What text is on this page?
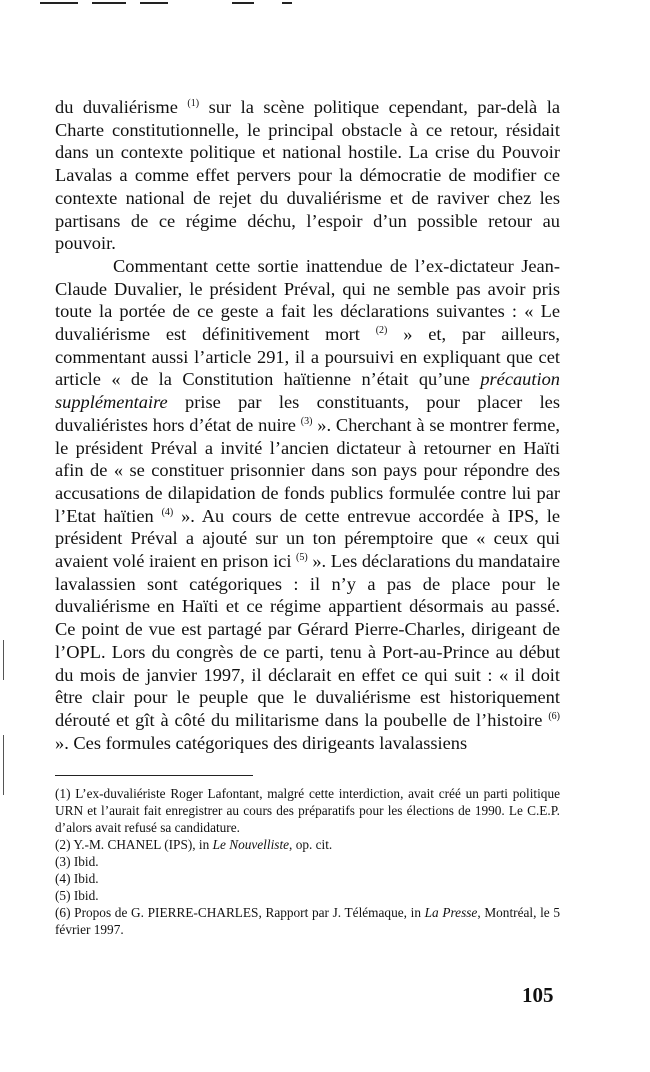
du duvaliérisme $^{(1)}$ sur la scène politique cependant, par-delà la Charte constitutionnelle, le principal obstacle à ce retour, résidait dans un contexte politique et national hostile. La crise du Pouvoir Lavalas a comme effet pervers pour la démocratie de modifier ce contexte national de rejet du duvaliérisme et de raviver chez les partisans de ce régime déchu, l’espoir d’un possible retour au pouvoir.

Commentant cette sortie inattendue de l’ex-dictateur Jean-Claude Duvalier, le président Préval, qui ne semble pas avoir pris toute la portée de ce geste a fait les déclarations suivantes : « Le duvaliérisme est définitivement mort $^{(2)}$ » et, par ailleurs, commentant aussi l’article 291, il a poursuivi en expliquant que cet article « de la Constitution haïtienne n’était qu’une précaution supplémentaire prise par les constituants, pour placer les duvaliéristes hors d’état de nuire $^{(3)}$ ». Cherchant à se montrer ferme, le président Préval a invité l’ancien dictateur à retourner en Haïti afin de « se constituer prisonnier dans son pays pour répondre des accusations de dilapidation de fonds publics formulée contre lui par l’Etat haïtien $^{(4)}$ ». Au cours de cette entrevue accordée à IPS, le président Préval a ajouté sur un ton péremptoire que « ceux qui avaient volé iraient en prison ici $^{(5)}$ ». Les déclarations du mandataire lavalassien sont catégoriques : il n’y a pas de place pour le duvaliérisme en Haïti et ce régime appartient désormais au passé. Ce point de vue est partagé par Gérard Pierre-Charles, dirigeant de l’OPL. Lors du congrès de ce parti, tenu à Port-au-Prince au début du mois de janvier 1997, il déclarait en effet ce qui suit : « il doit être clair pour le peuple que le duvaliérisme est historiquement dérouté et gît à côté du militarisme dans la poubelle de l’histoire $^{(6)}$ ». Ces formules catégoriques des dirigeants lavalassiens

(1) L’ex-duvaliériste Roger Lafontant, malgré cette interdiction, avait créé un parti politique URN et l’aurait fait enregistrer au cours des préparatifs pour les élections de 1990. Le C.E.P. d’alors avait refusé sa candidature.

(2) Y.-M. CHANEL (IPS), in Le Nouvelliste, op. cit.

(3) Ibid.

(4) Ibid.

(5) Ibid.

(6) Propos de G. PIERRE-CHARLES, Rapport par J. Télémaque, in La Presse, Montréal, le 5 février 1997.

105
